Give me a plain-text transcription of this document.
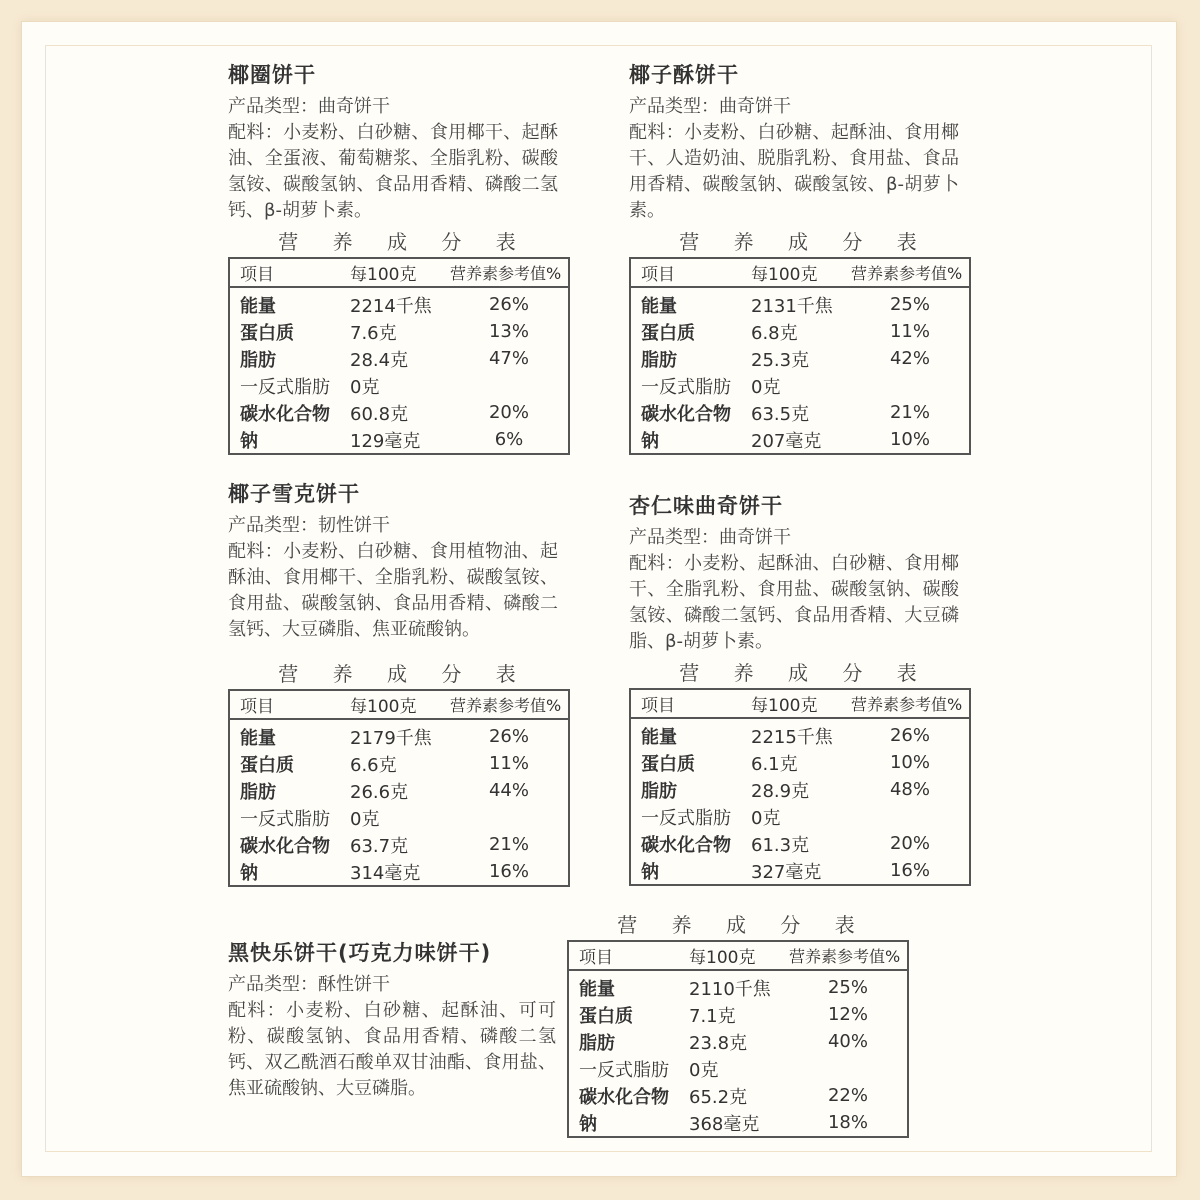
椰圈饼干
产品类型：曲奇饼干
配料：小麦粉、白砂糖、食用椰干、起酥油、全蛋液、葡萄糖浆、全脂乳粉、碳酸氢铵、碳酸氢钠、食品用香精、磷酸二氢钙、β-胡萝卜素。
营 养 成 分 表
项目	每100克	营养素参考值%
能量	2214千焦	26%
蛋白质	7.6克	13%
脂肪	28.4克	47%
一反式脂肪	0克	
碳水化合物	60.8克	20%
钠	129毫克	6%
椰子酥饼干
产品类型：曲奇饼干
配料：小麦粉、白砂糖、起酥油、食用椰干、人造奶油、脱脂乳粉、食用盐、食品用香精、碳酸氢钠、碳酸氢铵、β-胡萝卜素。
营 养 成 分 表
项目	每100克	营养素参考值%
能量	2131千焦	25%
蛋白质	6.8克	11%
脂肪	25.3克	42%
一反式脂肪	0克	
碳水化合物	63.5克	21%
钠	207毫克	10%
椰子雪克饼干
产品类型：韧性饼干
配料：小麦粉、白砂糖、食用植物油、起酥油、食用椰干、全脂乳粉、碳酸氢铵、食用盐、碳酸氢钠、食品用香精、磷酸二氢钙、大豆磷脂、焦亚硫酸钠。
营 养 成 分 表
项目	每100克	营养素参考值%
能量	2179千焦	26%
蛋白质	6.6克	11%
脂肪	26.6克	44%
一反式脂肪	0克	
碳水化合物	63.7克	21%
钠	314毫克	16%
杏仁味曲奇饼干
产品类型：曲奇饼干
配料：小麦粉、起酥油、白砂糖、食用椰干、全脂乳粉、食用盐、碳酸氢钠、碳酸氢铵、磷酸二氢钙、食品用香精、大豆磷脂、β-胡萝卜素。
营 养 成 分 表
项目	每100克	营养素参考值%
能量	2215千焦	26%
蛋白质	6.1克	10%
脂肪	28.9克	48%
一反式脂肪	0克	
碳水化合物	61.3克	20%
钠	327毫克	16%
黑快乐饼干(巧克力味饼干)
产品类型：酥性饼干
配料：小麦粉、白砂糖、起酥油、可可粉、碳酸氢钠、食品用香精、磷酸二氢钙、双乙酰酒石酸单双甘油酯、食用盐、焦亚硫酸钠、大豆磷脂。
营 养 成 分 表
项目	每100克	营养素参考值%
能量	2110千焦	25%
蛋白质	7.1克	12%
脂肪	23.8克	40%
一反式脂肪	0克	
碳水化合物	65.2克	22%
钠	368毫克	18%
